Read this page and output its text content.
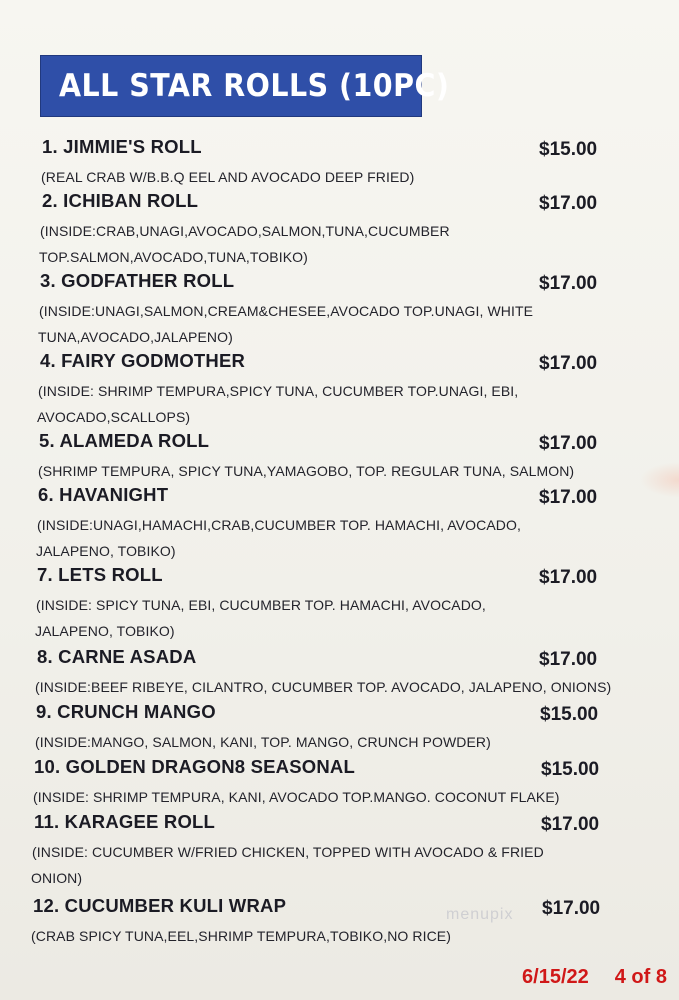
ALL STAR ROLLS (10PC)
1. JIMMIE'S ROLL	$15.00
(REAL CRAB W/B.B.Q EEL AND AVOCADO DEEP FRIED)
2. ICHIBAN ROLL	$17.00
(INSIDE:CRAB,UNAGI,AVOCADO,SALMON,TUNA,CUCUMBER
TOP.SALMON,AVOCADO,TUNA,TOBIKO)
3. GODFATHER ROLL	$17.00
(INSIDE:UNAGI,SALMON,CREAM&CHESEE,AVOCADO TOP.UNAGI, WHITE
TUNA,AVOCADO,JALAPENO)
4. FAIRY GODMOTHER	$17.00
(INSIDE: SHRIMP TEMPURA,SPICY TUNA, CUCUMBER TOP.UNAGI, EBI,
AVOCADO,SCALLOPS)
5. ALAMEDA ROLL	$17.00
(SHRIMP TEMPURA, SPICY TUNA,YAMAGOBO, TOP. REGULAR TUNA, SALMON)
6. HAVANIGHT	$17.00
(INSIDE:UNAGI,HAMACHI,CRAB,CUCUMBER TOP. HAMACHI, AVOCADO,
JALAPENO, TOBIKO)
7. LETS ROLL	$17.00
(INSIDE: SPICY TUNA, EBI, CUCUMBER TOP. HAMACHI, AVOCADO,
JALAPENO, TOBIKO)
8. CARNE ASADA	$17.00
(INSIDE:BEEF RIBEYE, CILANTRO, CUCUMBER TOP. AVOCADO, JALAPENO, ONIONS)
9. CRUNCH MANGO	$15.00
(INSIDE:MANGO, SALMON, KANI, TOP. MANGO, CRUNCH POWDER)
10. GOLDEN DRAGON8 SEASONAL	$15.00
(INSIDE: SHRIMP TEMPURA, KANI, AVOCADO TOP.MANGO. COCONUT FLAKE)
11. KARAGEE ROLL	$17.00
(INSIDE: CUCUMBER W/FRIED CHICKEN, TOPPED WITH AVOCADO & FRIED
ONION)
12. CUCUMBER KULI WRAP	$17.00
(CRAB SPICY TUNA,EEL,SHRIMP TEMPURA,TOBIKO,NO RICE)
menupix
6/15/22 4 of 8
